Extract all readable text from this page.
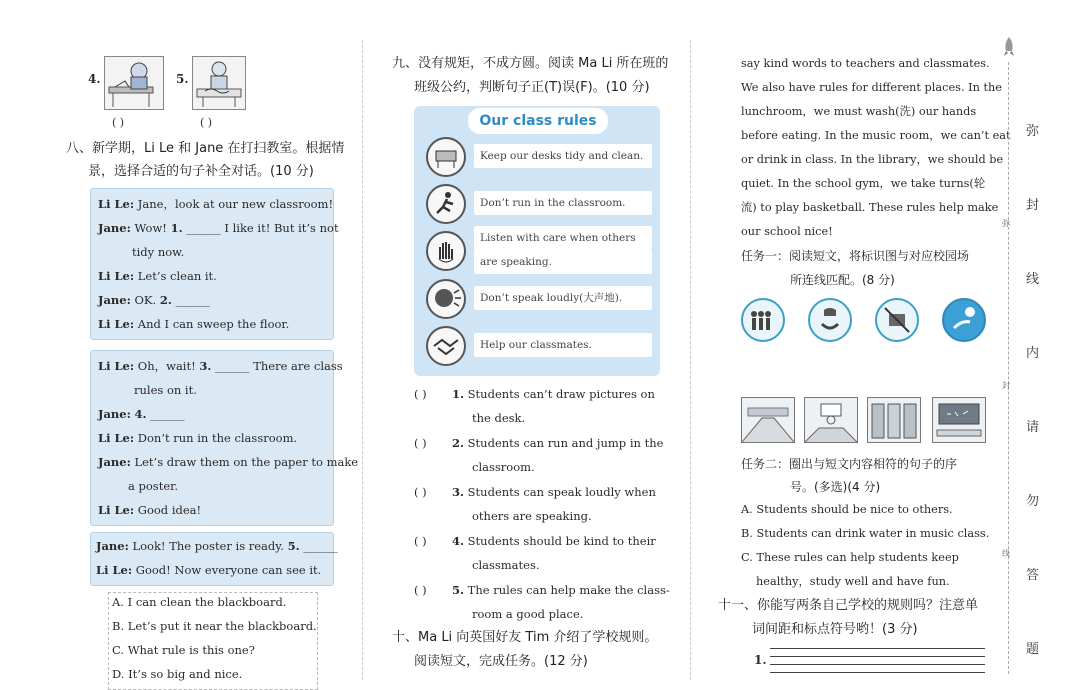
4.
( )
5.
( )
八、新学期，Li Le 和 Jane 在打扫教室。根据情
景，选择合适的句子补全对话。(10 分)
Li Le: Jane，look at our new classroom!
Jane: Wow! 1. ______ I like it! But it’s not
tidy now.
Li Le: Let’s clean it.
Jane: OK. 2. ______
Li Le: And I can sweep the floor.
Li Le: Oh，wait! 3. ______ There are class
rules on it.
Jane: 4. ______
Li Le: Don’t run in the classroom.
Jane: Let’s draw them on the paper to make
a poster.
Li Le: Good idea!
Jane: Look! The poster is ready. 5. ______
Li Le: Good! Now everyone can see it.
A. I can clean the blackboard.
B. Let’s put it near the blackboard.
C. What rule is this one?
D. It’s so big and nice.
九、没有规矩，不成方圆。阅读 Ma Li 所在班的
班级公约，判断句子正(T)误(F)。(10 分)
Our class rules
Keep our desks tidy and clean.
Don’t run in the classroom.
Listen with care when others
are speaking.
Don’t speak loudly(大声地).
Help our classmates.
( ) 1. Students can’t draw pictures on
the desk.
( ) 2. Students can run and jump in the
classroom.
( ) 3. Students can speak loudly when
others are speaking.
( ) 4. Students should be kind to their
classmates.
( ) 5. The rules can help make the class-
room a good place.
十、Ma Li 向英国好友 Tim 介绍了学校规则。
阅读短文，完成任务。(12 分)
say kind words to teachers and classmates.
We also have rules for different places. In the
lunchroom，we must wash(洗) our hands
before eating. In the music room，we can’t eat
or drink in class. In the library，we should be
quiet. In the school gym，we take turns(轮
流) to play basketball. These rules help make
our school nice!
任务一：阅读短文，将标识图与对应校园场
所连线匹配。(8 分)
任务二：圈出与短文内容相符的句子的序
号。(多选)(4 分)
A. Students should be nice to others.
B. Students can drink water in music class.
C. These rules can help students keep
healthy，study well and have fun.
十一、你能写两条自己学校的规则吗？注意单
词间距和标点符号哟！(3 分)
1.
弥
封
线
弥
封
线
内
请
勿
答
题
